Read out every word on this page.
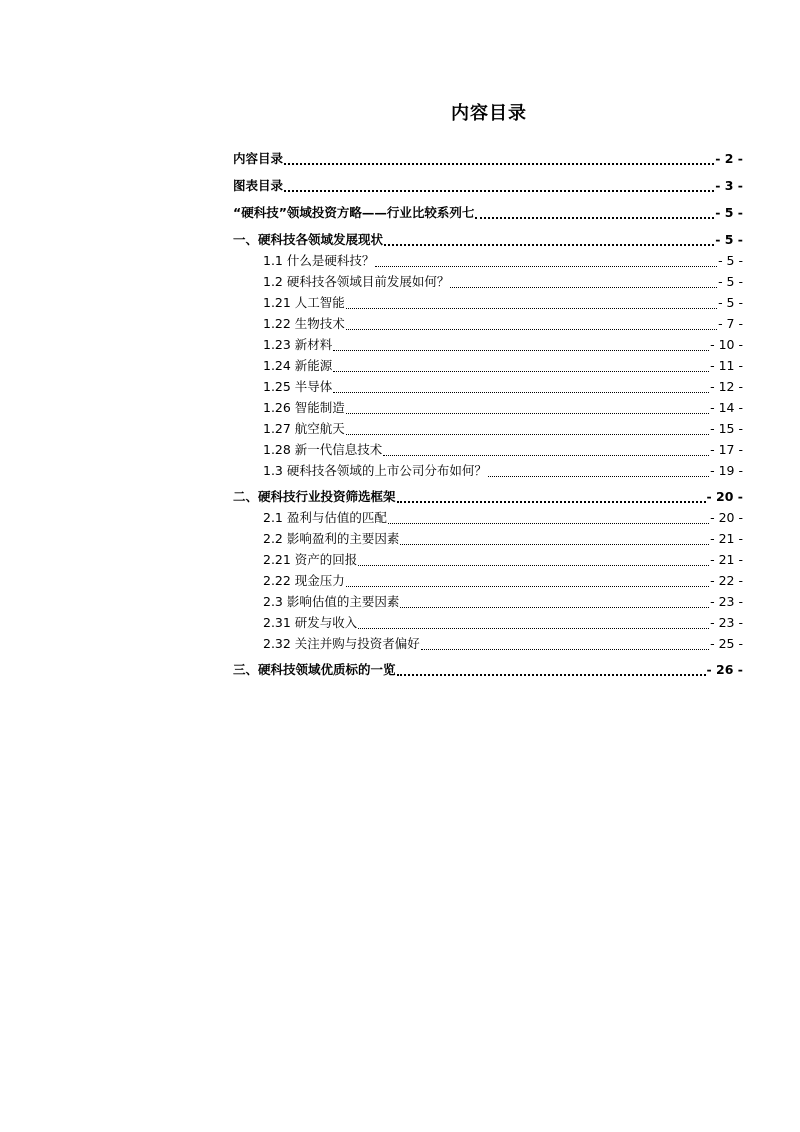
内容目录
内容目录	- 2 -
图表目录	- 3 -
“硬科技”领域投资方略——行业比较系列七	- 5 -
一、硬科技各领域发展现状	- 5 -
1.1 什么是硬科技？	- 5 -
1.2 硬科技各领域目前发展如何？	- 5 -
1.21 人工智能	- 5 -
1.22 生物技术	- 7 -
1.23 新材料	- 10 -
1.24 新能源	- 11 -
1.25 半导体	- 12 -
1.26 智能制造	- 14 -
1.27 航空航天	- 15 -
1.28 新一代信息技术	- 17 -
1.3 硬科技各领域的上市公司分布如何？	- 19 -
二、硬科技行业投资筛选框架	- 20 -
2.1 盈利与估值的匹配	- 20 -
2.2 影响盈利的主要因素	- 21 -
2.21 资产的回报	- 21 -
2.22 现金压力	- 22 -
2.3 影响估值的主要因素	- 23 -
2.31 研发与收入	- 23 -
2.32 关注并购与投资者偏好	- 25 -
三、硬科技领域优质标的一览	- 26 -
